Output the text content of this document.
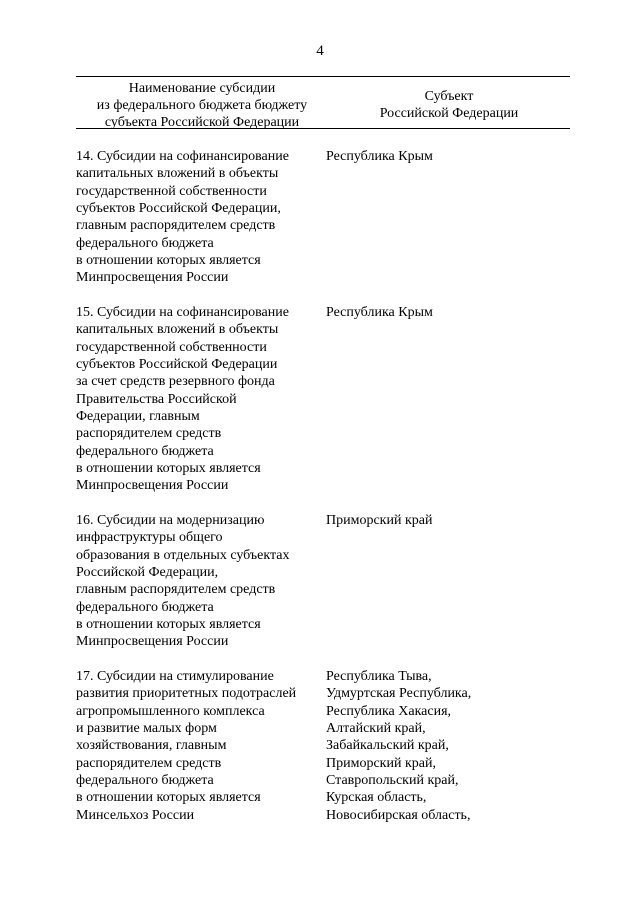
4
Наименование субсидии
из федерального бюджета бюджету
субъекта Российской Федерации
Субъект
Российской Федерации
14. Субсидии на софинансирование
капитальных вложений в объекты
государственной собственности
субъектов Российской Федерации,
главным распорядителем средств
федерального бюджета
в отношении которых является
Минпросвещения России
Республика Крым
15. Субсидии на софинансирование
капитальных вложений в объекты
государственной собственности
субъектов Российской Федерации
за счет средств резервного фонда
Правительства Российской
Федерации, главным
распорядителем средств
федерального бюджета
в отношении которых является
Минпросвещения России
Республика Крым
16. Субсидии на модернизацию
инфраструктуры общего
образования в отдельных субъектах
Российской Федерации,
главным распорядителем средств
федерального бюджета
в отношении которых является
Минпросвещения России
Приморский край
17. Субсидии на стимулирование
развития приоритетных подотраслей
агропромышленного комплекса
и развитие малых форм
хозяйствования, главным
распорядителем средств
федерального бюджета
в отношении которых является
Минсельхоз России
Республика Тыва,
Удмуртская Республика,
Республика Хакасия,
Алтайский край,
Забайкальский край,
Приморский край,
Ставропольский край,
Курская область,
Новосибирская область,
